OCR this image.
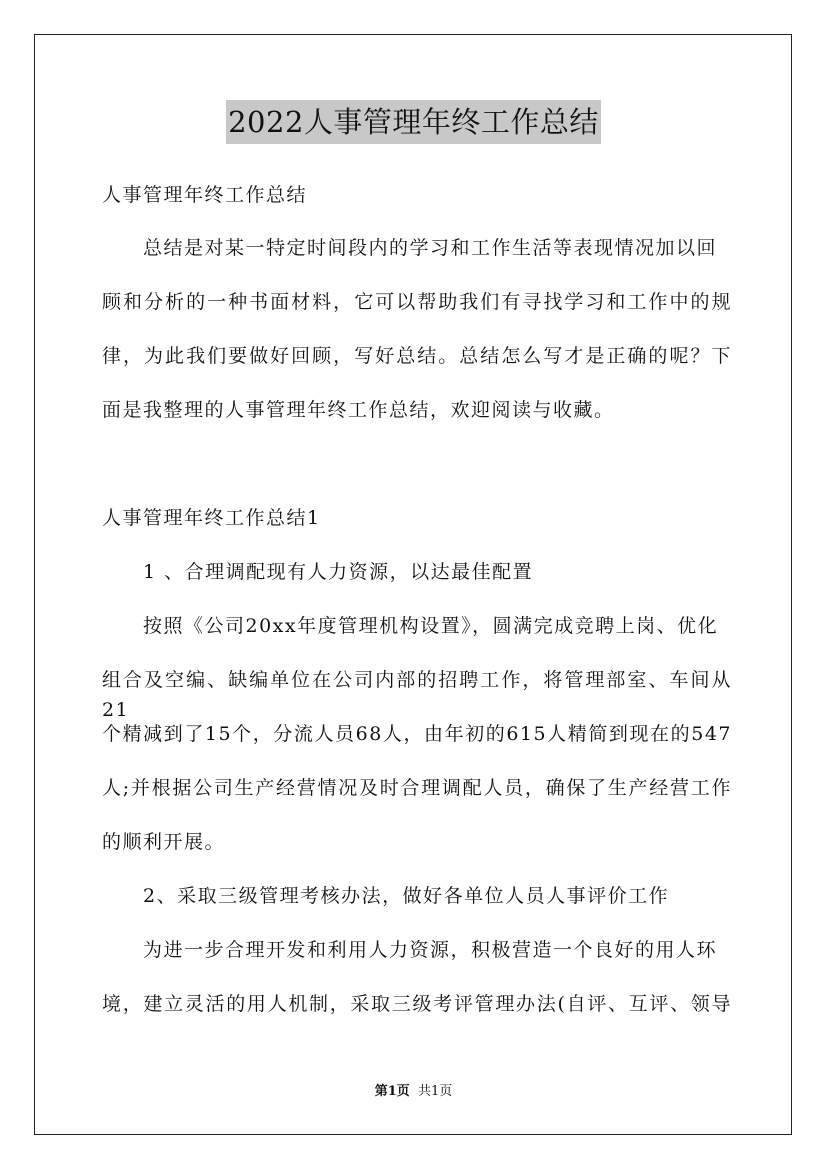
2022人事管理年终工作总结
人事管理年终工作总结
总结是对某一特定时间段内的学习和工作生活等表现情况加以回
顾和分析的一种书面材料，它可以帮助我们有寻找学习和工作中的规
律，为此我们要做好回顾，写好总结。总结怎么写才是正确的呢？下
面是我整理的人事管理年终工作总结，欢迎阅读与收藏。
人事管理年终工作总结1
1 、合理调配现有人力资源，以达最佳配置
按照《公司20xx年度管理机构设置》，圆满完成竞聘上岗、优化
组合及空编、缺编单位在公司内部的招聘工作，将管理部室、车间从21
个精减到了15个，分流人员68人，由年初的615人精简到现在的547
人;并根据公司生产经营情况及时合理调配人员，确保了生产经营工作
的顺利开展。
2、采取三级管理考核办法，做好各单位人员人事评价工作
为进一步合理开发和利用人力资源，积极营造一个良好的用人环
境，建立灵活的用人机制，采取三级考评管理办法(自评、互评、领导
第1页 共1页
